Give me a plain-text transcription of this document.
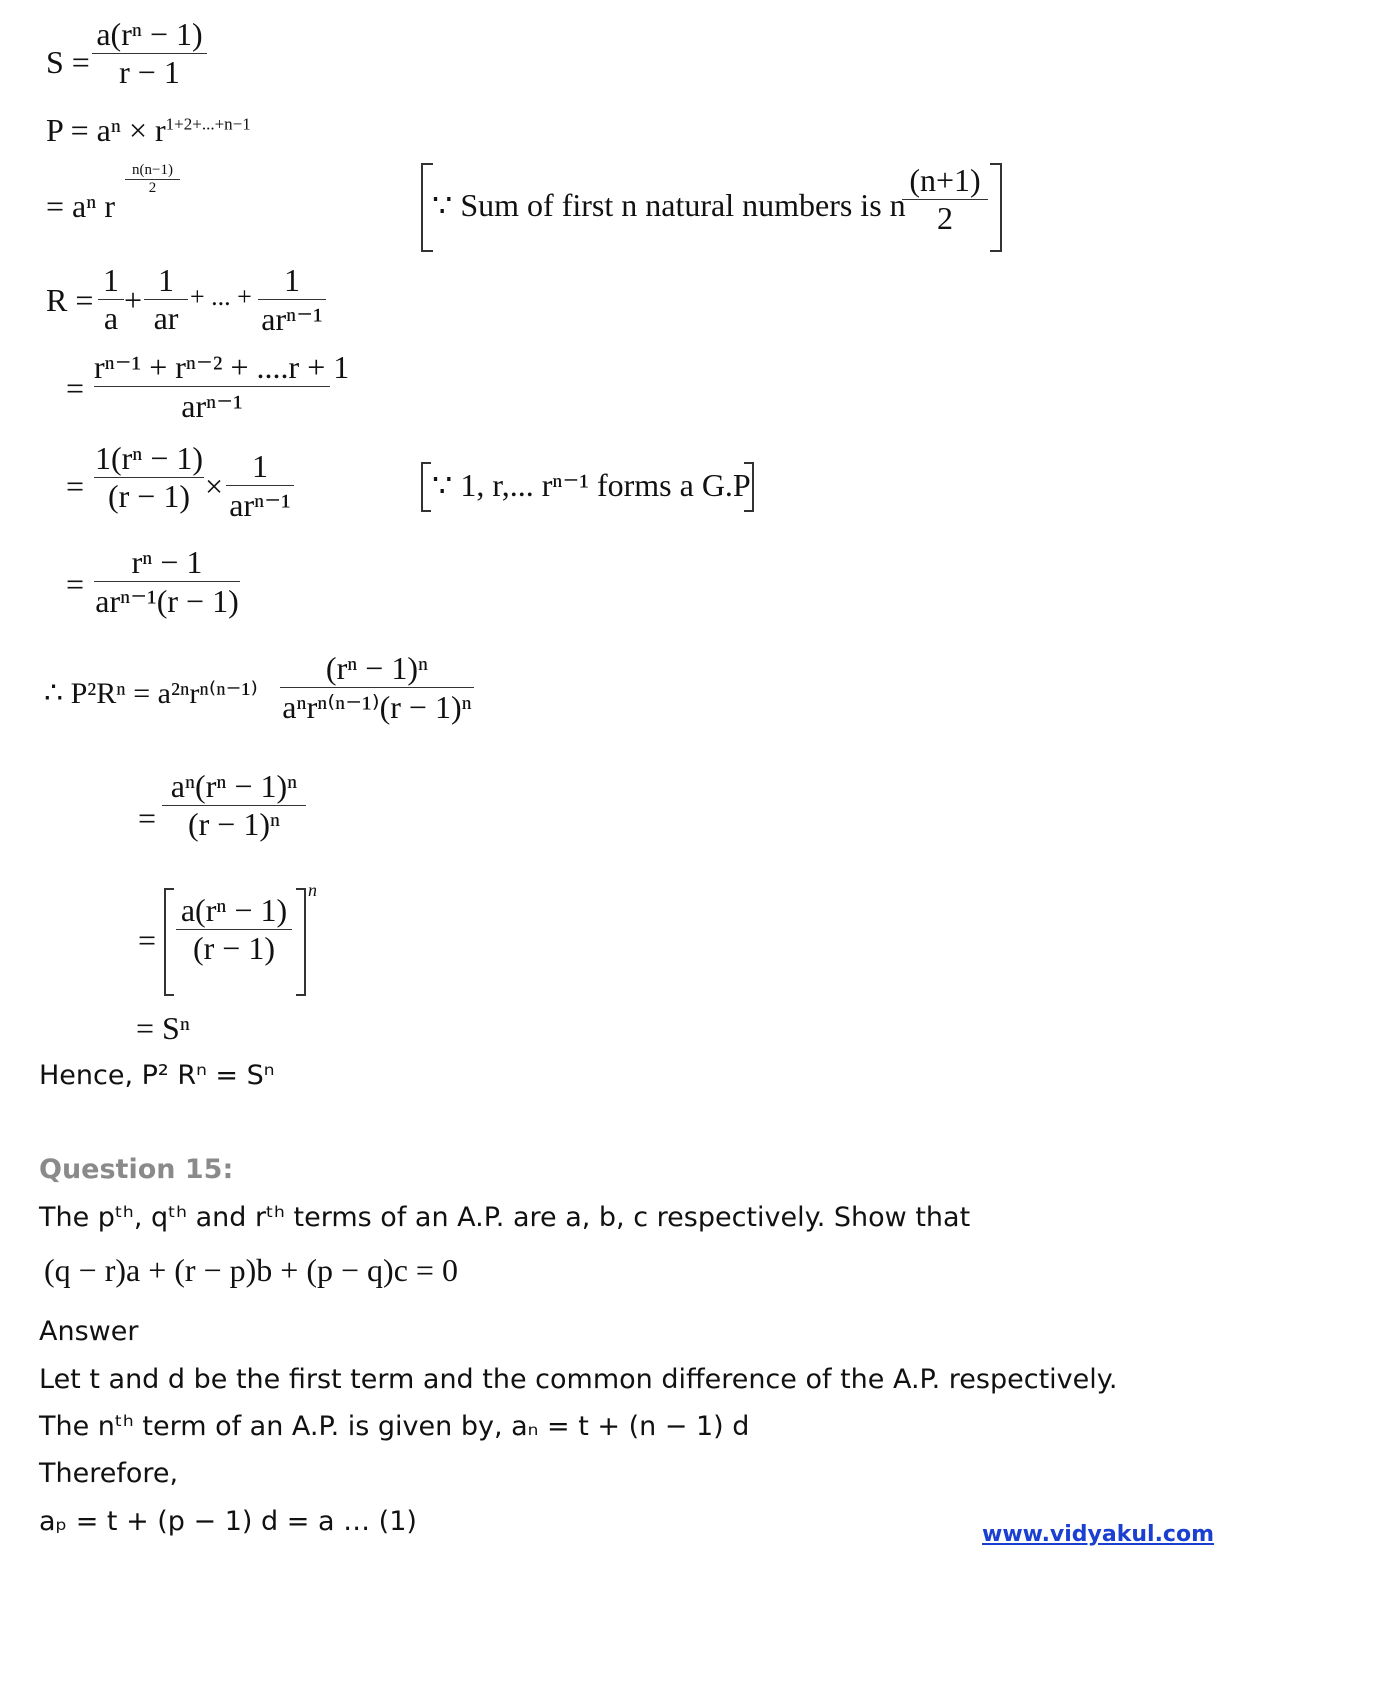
S =
a(rⁿ − 1)
r − 1
$P = a^n \times r^{1+2+...+n-1}$
= aⁿ r
n(n−1)
2	∵ Sum of first n natural numbers is n
(n+1)
2
R =
1
a +
1
ar
+ ... +	1
arⁿ⁻¹
=
rⁿ⁻¹ + rⁿ⁻² + ....r + 1
arⁿ⁻¹
=
1(rⁿ − 1)
(r − 1) ×
1
arⁿ⁻¹
∵ 1, r,... rⁿ⁻¹ forms a G.P
=
rⁿ − 1
arⁿ⁻¹(r − 1)
∴ P²Rⁿ = a²ⁿrⁿ⁽ⁿ⁻¹⁾
(rⁿ − 1)ⁿ
aⁿrⁿ⁽ⁿ⁻¹⁾(r − 1)ⁿ
=
aⁿ(rⁿ − 1)ⁿ
(r − 1)ⁿ
=
a(rⁿ − 1)
(r − 1)
n
= Sⁿ
Hence, P² Rⁿ = Sⁿ
Question 15:
The pᵗʰ, qᵗʰ and rᵗʰ terms of an A.P. are a, b, c respectively. Show that
(q − r)a + (r − p)b + (p − q)c = 0
Answer
Let t and d be the first term and the common difference of the A.P. respectively.
The nᵗʰ term of an A.P. is given by, aₙ = t + (n − 1) d
Therefore,
aₚ = t + (p − 1) d = a … (1)	www.vidyakul.com
